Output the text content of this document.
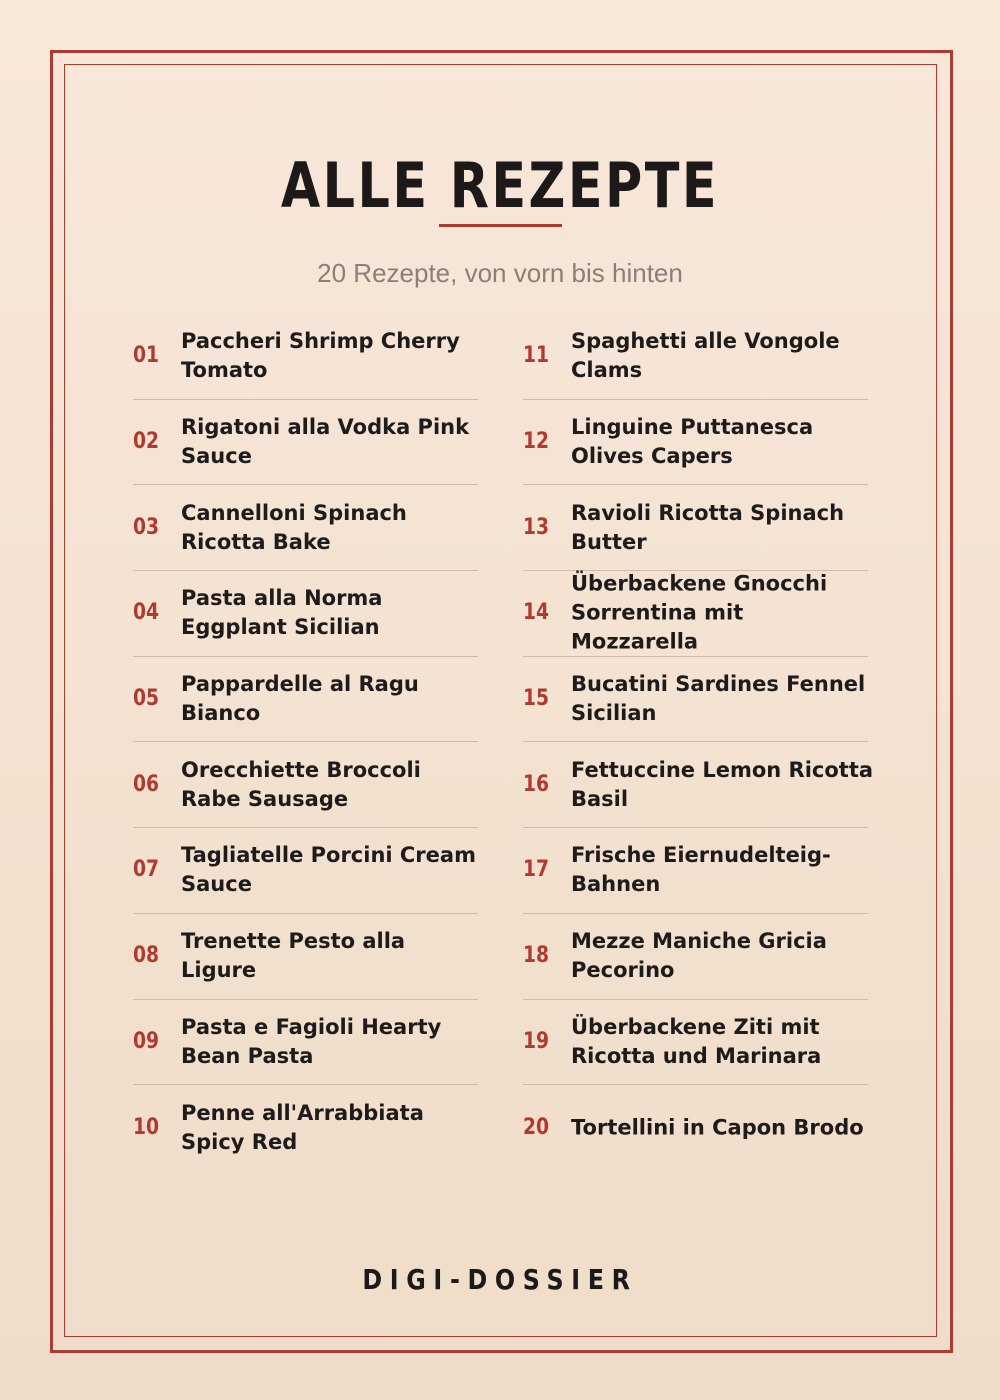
ALLE REZEPTE
20 Rezepte, von vorn bis hinten
01
Paccheri Shrimp Cherry Tomato
02
Rigatoni alla Vodka Pink Sauce
03
Cannelloni Spinach Ricotta Bake
04
Pasta alla Norma Eggplant Sicilian
05
Pappardelle al Ragu Bianco
06
Orecchiette Broccoli Rabe Sausage
07
Tagliatelle Porcini Cream Sauce
08
Trenette Pesto alla Ligure
09
Pasta e Fagioli Hearty Bean Pasta
10
Penne all'Arrabbiata Spicy Red
11
Spaghetti alle Vongole Clams
12
Linguine Puttanesca Olives Capers
13
Ravioli Ricotta Spinach Butter
14
Überbackene Gnocchi Sorrentina mit Mozzarella
15
Bucatini Sardines Fennel Sicilian
16
Fettuccine Lemon Ricotta Basil
17
Frische Eiernudelteig-Bahnen
18
Mezze Maniche Gricia Pecorino
19
Überbackene Ziti mit Ricotta und Marinara
20 Tortellini in Capon Brodo
DIGI-DOSSIER
